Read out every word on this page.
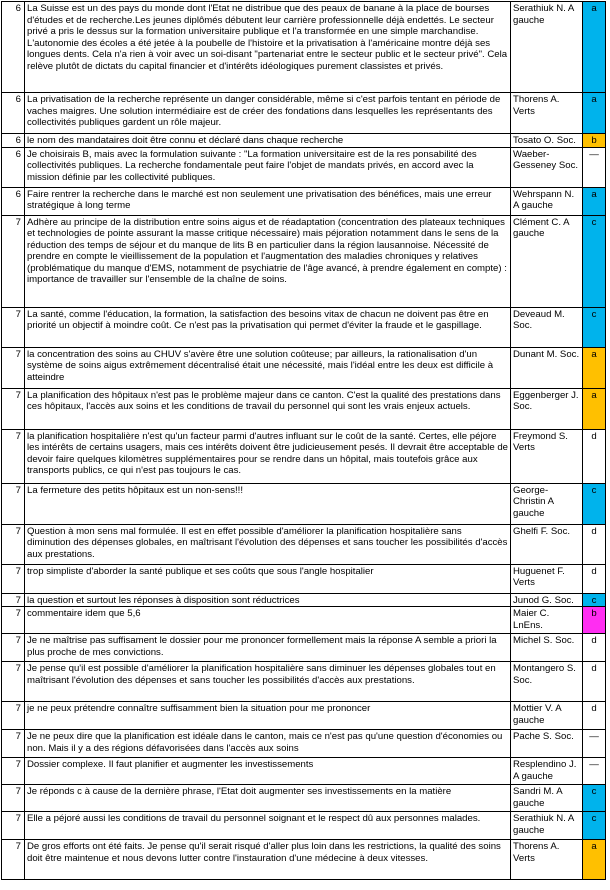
6	La Suisse est un des pays du monde dont l'Etat ne distribue que des peaux de banane à la place de bourses d'études et de recherche.Les jeunes diplômés débutent leur carrière professionnelle déjà endettés. Le secteur privé a pris le dessus sur la formation universitaire publique et l'a transformée en une simple marchandise. L'autonomie des écoles a été jetée à la poubelle de l'histoire et la privatisation à l'américaine montre déjà ses longues dents. Cela n'a rien à voir avec un soi-disant "partenariat entre le secteur public et le secteur privé". Cela relève plutôt de dictats du capital financier et d'intérêts idéologiques purement classistes et privés.	Serathiuk N. A gauche	a
6	La privatisation de la recherche représente un danger considérable, même si c'est parfois tentant en période de vaches maigres. Une solution intermédiaire est de créer des fondations dans lesquelles les représentants des collectivités publiques gardent un rôle majeur.	Thorens A. Verts	a
6	le nom des mandataires doit être connu et déclaré dans chaque recherche	Tosato O. Soc.	b
6	Je choisirais B, mais avec la formulation suivante : "La formation universitaire est de la res ponsabilité des collectivités publiques. La recherche fondamentale peut faire l'objet de mandats privés, en accord avec la mission définie par les collectivité publiques.	Waeber-Gesseney Soc.	—
6	Faire rentrer la recherche dans le marché est non seulement une privatisation des bénéfices, mais une erreur stratégique à long terme	Wehrspann N. A gauche	a
7	Adhère au principe de la distribution entre soins aigus et de réadaptation (concentration des plateaux techniques et technologies de pointe assurant la masse critique nécessaire) mais péjoration notamment dans le sens de la réduction des temps de séjour et du manque de lits B en particulier dans la région lausannoise. Nécessité de prendre en compte le vieillissement de la population et l'augmentation des maladies chroniques y relatives (problématique du manque d'EMS, notamment de psychiatrie de l'âge avancé, à prendre également en compte) : importance de travailler sur l'ensemble de la chaîne de soins.	Clément C. A gauche	c
7	La santé, comme l'éducation, la formation, la satisfaction des besoins vitax de chacun ne doivent pas être en priorité un objectif à moindre coût. Ce n'est pas la privatisation qui permet d'éviter la fraude et le gaspillage.	Deveaud M. Soc.	c
7	la concentration des soins au CHUV s'avère être une solution coûteuse; par ailleurs, la rationalisation d'un système de soins aigus extrêmement décentralisé était une nécessité, mais l'idéal entre les deux est difficile à atteindre	Dunant M. Soc.	a
7	La planification des hôpitaux n'est pas le problème majeur dans ce canton. C'est la qualité des prestations dans ces hôpitaux, l'accès aux soins et les conditions de travail du personnel qui sont les vrais enjeux actuels.	Eggenberger J. Soc.	a
7	la planification hospitalière n'est qu'un facteur parmi d'autres influant sur le coût de la santé. Certes, elle péjore les intérêts de certains usagers, mais ces intérêts doivent être judicieusement pesés. Il devrait être acceptable de devoir faire quelques kilomètres supplémentaires pour se rendre dans un hôpital, mais toutefois grâce aux transports publics, ce qui n'est pas toujours le cas.	Freymond S. Verts	d
7	La fermeture des petits hôpitaux est un non-sens!!!	George-Christin A gauche	c
7	Question à mon sens mal formulée. Il est en effet possible d'améliorer la planification hospitalière sans diminution des dépenses globales, en maîtrisant l'évolution des dépenses et sans toucher les possibilités d'accès aux prestations.	Ghelfi F. Soc.	d
7	trop simpliste d'aborder la santé publique et ses coûts que sous l'angle hospitalier	Huguenet F. Verts	d
7	la question et surtout les réponses à disposition sont réductrices	Junod G. Soc.	c
7	commentaire idem que 5,6	Maier C. LnEns.	b
7	Je ne maîtrise pas suffisament le dossier pour me prononcer formellement mais la réponse A semble a priori la plus proche de mes convictions.	Michel S. Soc.	d
7	Je pense qu'il est possible d'améliorer la planification hospitalière sans diminuer les dépenses globales tout en maîtrisant l'évolution des dépenses et sans toucher les possibilités d'accès aux prestations.	Montangero S. Soc.	d
7	je ne peux prétendre connaître suffisamment bien la situation pour me prononcer	Mottier V. A gauche	d
7	Je ne peux dire que la planification est idéale dans le canton, mais ce n'est pas qu'une question d'économies ou non. Mais il y a des régions défavorisées dans l'accès aux soins	Pache S. Soc.	—
7	Dossier complexe. Il faut planifier et augmenter les investissements	Resplendino J. A gauche	—
7	Je réponds c à cause de la dernière phrase, l'Etat doit augmenter ses investissements en la matière	Sandri M. A gauche	c
7	Elle a péjoré aussi les conditions de travail du personnel soignant et le respect dû aux personnes malades.	Serathiuk N. A gauche	c
7	De gros efforts ont été faits. Je pense qu'il serait risqué d'aller plus loin dans les restrictions, la qualité des soins doit être maintenue et nous devons lutter contre l'instauration d'une médecine à deux vitesses.	Thorens A. Verts	a
